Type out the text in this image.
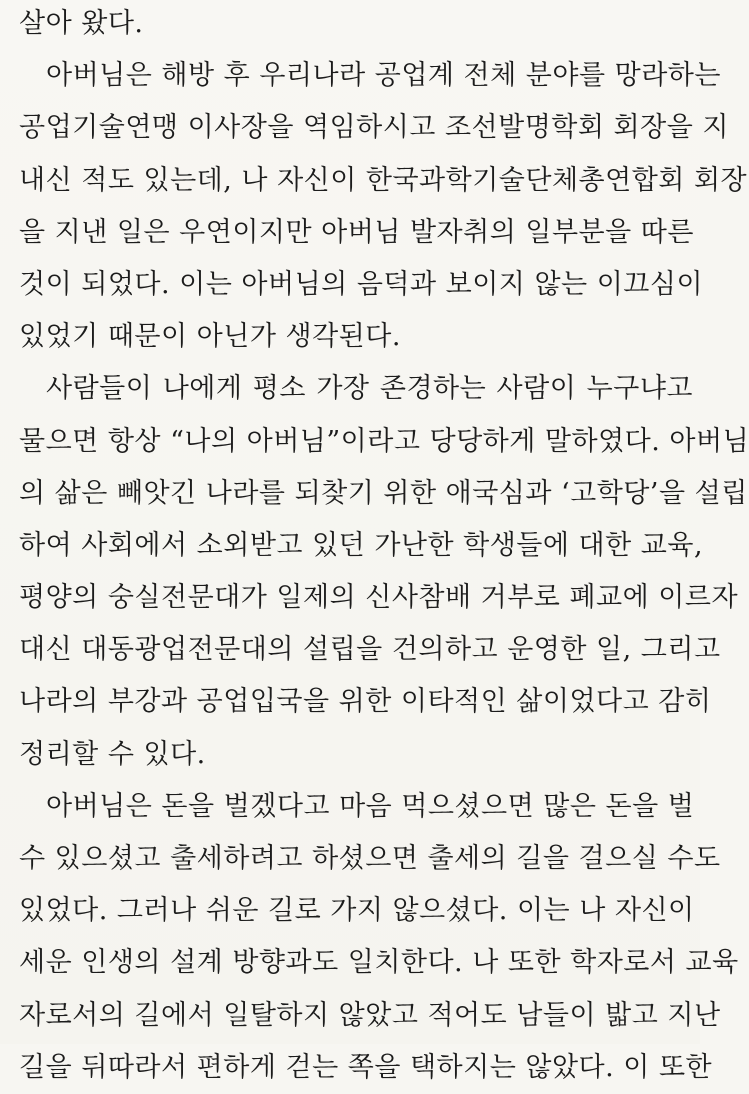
살아 왔다.
아버님은 해방 후 우리나라 공업계 전체 분야를 망라하는
공업기술연맹 이사장을 역임하시고 조선발명학회 회장을 지
내신 적도 있는데, 나 자신이 한국과학기술단체총연합회 회장
을 지낸 일은 우연이지만 아버님 발자취의 일부분을 따른
것이 되었다. 이는 아버님의 음덕과 보이지 않는 이끄심이
있었기 때문이 아닌가 생각된다.
사람들이 나에게 평소 가장 존경하는 사람이 누구냐고
물으면 항상 “나의 아버님”이라고 당당하게 말하였다. 아버님
의 삶은 빼앗긴 나라를 되찾기 위한 애국심과 ‘고학당’을 설립
하여 사회에서 소외받고 있던 가난한 학생들에 대한 교육,
평양의 숭실전문대가 일제의 신사참배 거부로 폐교에 이르자
대신 대동광업전문대의 설립을 건의하고 운영한 일, 그리고
나라의 부강과 공업입국을 위한 이타적인 삶이었다고 감히
정리할 수 있다.
아버님은 돈을 벌겠다고 마음 먹으셨으면 많은 돈을 벌
수 있으셨고 출세하려고 하셨으면 출세의 길을 걸으실 수도
있었다. 그러나 쉬운 길로 가지 않으셨다. 이는 나 자신이
세운 인생의 설계 방향과도 일치한다. 나 또한 학자로서 교육
자로서의 길에서 일탈하지 않았고 적어도 남들이 밟고 지난
길을 뒤따라서 편하게 걷는 쪽을 택하지는 않았다. 이 또한
